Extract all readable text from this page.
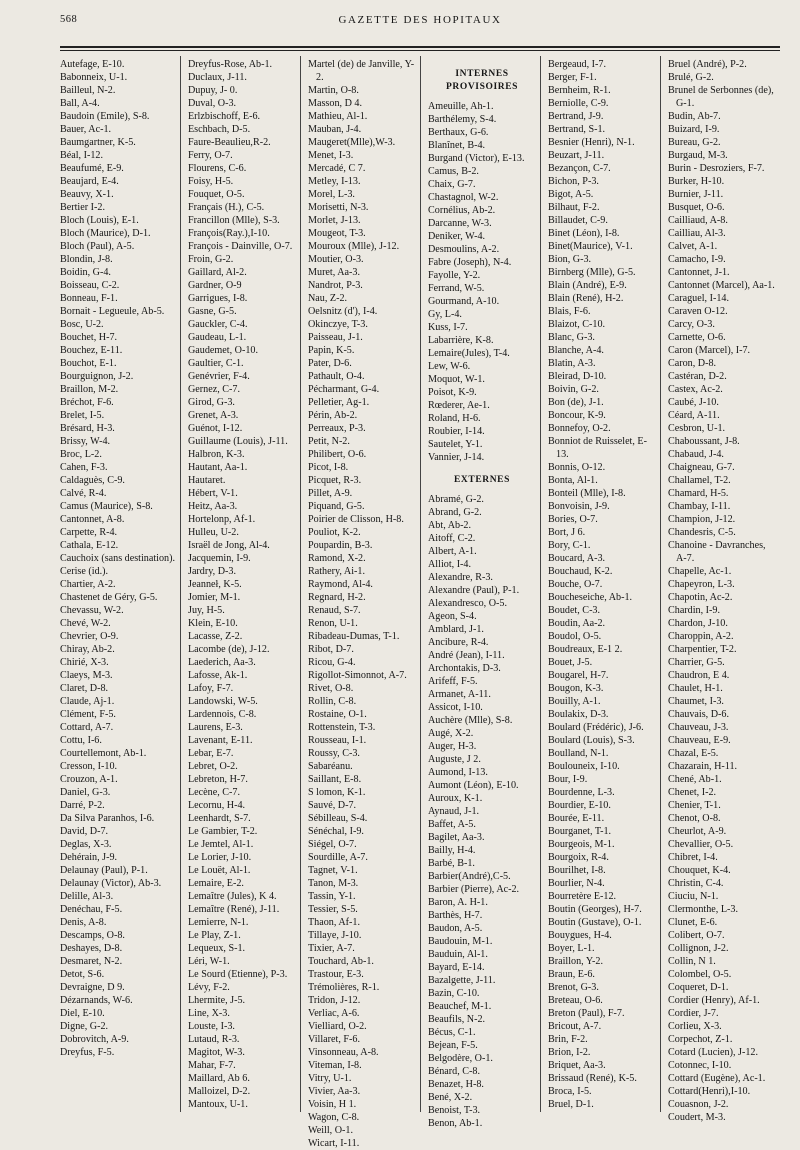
568	GAZETTE DES HOPITAUX

Autefage, E-10.

Babonneix, U-1.

Bailleul, N-2.

Ball, A-4.

Baudoin (Emile), S-8.

Bauer, Ac-1.

Baumgartner, K-5.

Béal, I-12.

Beaufumé, E-9.

Beaujard, E-4.

Beauvy, X-1.

Bertier I-2.

Bloch (Louis), E-1.

Bloch (Maurice), D-1.

Bloch (Paul), A-5.

Blondin, J-8.

Boidin, G-4.

Boisseau, C-2.

Bonneau, F-1.

Bornait - Legueule, Ab-5.

Bosc, U-2.

Bouchet, H-7.

Bouchez, E-11.

Bouchot, E-1.

Bourguignon, J-2.

Braillon, M-2.

Bréchot, F-6.

Brelet, I-5.

Brésard, H-3.

Brissy, W-4.

Broc, L-2.

Cahen, F-3.

Caldaguès, C-9.

Calvé, R-4.

Camus (Maurice), S-8.

Cantonnet, A-8.

Carpette, R-4.

Cathala, E-12.

Cauchoix (sans destination).

Cerise (id.).

Chartier, A-2.

Chastenet de Géry, G-5.

Chevassu, W-2.

Chevé, W-2.

Chevrier, O-9.

Chiray, Ab-2.

Chirié, X-3.

Claeys, M-3.

Claret, D-8.

Claude, Aj-1.

Clément, F-5.

Cottard, A-7.

Cottu, I-6.

Courtellemont, Ab-1.

Cresson, I-10.

Crouzon, A-1.

Daniel, G-3.

Darré, P-2.

Da Silva Paranhos, I-6.

David, D-7.

Deglas, X-3.

Dehérain, J-9.

Delaunay (Paul), P-1.

Delaunay (Victor), Ab-3.

Delille, Al-3.

Denéchau, F-5.

Denis, A-8.

Descamps, O-8.

Deshayes, D-8.

Desmaret, N-2.

Detot, S-6.

Devraigne, D 9.

Dézarnands, W-6.

Diel, E-10.

Digne, G-2.

Dobrovitch, A-9.

Dreyfus, F-5.

Dreyfus-Rose, Ab-1.

Duclaux, J-11.

Dupuy, J- 0.

Duval, O-3.

Erlzbischoff, E-6.

Eschbach, D-5.

Faure-Beaulieu,R-2.

Ferry, O-7.

Flourens, C-6.

Foisy, H-5.

Fouquet, O-5.

Français (H.), C-5.

Francillon (Mlle), S-3.

François(Ray.),I-10.

François - Dainville, O-7.

Froin, G-2.

Gaillard, Al-2.

Gardner, O-9

Garrigues, I-8.

Gasne, G-5.

Gauckler, C-4.

Gaudeau, L-1.

Gaudemet, O-10.

Gaultier, C-1.

Genévrier, F-4.

Gernez, C-7.

Girod, G-3.

Grenet, A-3.

Guénot, I-12.

Guillaume (Louis), J-11.

Halbron, K-3.

Hautant, Aa-1.

Hautaret.

Hébert, V-1.

Heitz, Aa-3.

Hortelonp, Af-1.

Hulleu, U-2.

Israël de Jong, Al-4.

Jacquemin, I-9.

Jardry, D-3.

Jeanneł, K-5.

Jomier, M-1.

Juy, H-5.

Klein, E-10.

Lacasse, Z-2.

Lacombe (de), J-12.

Laederich, Aa-3.

Lafosse, Ak-1.

Lafoy, F-7.

Landowski, W-5.

Lardennois, C-8.

Laurens, E-3.

Lavenant, E-11.

Lebar, E-7.

Lebret, O-2.

Lebreton, H-7.

Lecène, C-7.

Lecornu, H-4.

Leenhardt, S-7.

Le Gambier, T-2.

Le Jemtel, Al-1.

Le Lorier, J-10.

Le Louët, Al-1.

Lemaire, E-2.

Lemaître (Jules), K 4.

Lemaître (René), J-11.

Lemierre, N-1.

Le Play, Z-1.

Lequeux, S-1.

Léri, W-1.

Le Sourd (Etienne), P-3.

Lévy, F-2.

Lhermite, J-5.

Line, X-3.

Louste, I-3.

Lutaud, R-3.

Magitot, W-3.

Mahar, F-7.

Maillard, Ab 6.

Malloizel, D-2.

Mantoux, U-1.

Martel (de) de Janville, Y-2.

Martin, O-8.

Masson, D 4.

Mathieu, Al-1.

Mauban, J-4.

Maugeret(Mlle),W-3.

Menet, I-3.

Mercadé, C 7.

Metley, I-13.

Morel, L-3.

Morisetti, N-3.

Morlet, J-13.

Mougeot, T-3.

Mouroux (Mlle), J-12.

Moutier, O-3.

Muret, Aa-3.

Nandrot, P-3.

Nau, Z-2.

Oelsnitz (d'), I-4.

Okinczye, T-3.

Paisseau, J-1.

Papin, K-5.

Pater, D-6.

Pathault, O-4.

Pécharmant, G-4.

Pelletier, Ag-1.

Périn, Ab-2.

Perreaux, P-3.

Petit, N-2.

Philibert, O-6.

Picot, I-8.

Picquet, R-3.

Pillet, A-9.

Piquand, G-5.

Poirier de Clisson, H-8.

Pouliot, K-2.

Poupardin, B-3.

Ramond, X-2.

Rathery, Ai-1.

Raymond, Al-4.

Regnard, H-2.

Renaud, S-7.

Renon, U-1.

Ribadeau-Dumas, T-1.

Ribot, D-7.

Ricou, G-4.

Rigollot-Simonnot, A-7.

Rivet, O-8.

Rollin, C-8.

Rostaine, O-1.

Rottenstein, T-3.

Rousseau, I-1.

Roussy, C-3.

Sabaréanu.

Saillant, E-8.

S lomon, K-1.

Sauvé, D-7.

Sébilleau, S-4.

Sénéchal, I-9.

Siégel, O-7.

Sourdille, A-7.

Tagnet, V-1.

Tanon, M-3.

Tassin, Y-1.

Tessier, S-5.

Thaon, Af-1.

Tillaye, J-10.

Tixier, A-7.

Touchard, Ab-1.

Trastour, E-3.

Trémolières, R-1.

Tridon, J-12.

Verliac, A-6.

Vielliard, O-2.

Villaret, F-6.

Vinsonneau, A-8.

Viteman, I-8.

Vitry, U-1.

Vivier, Aa-3.

Voisin, H 1.

Wagon, C-8.

Weill, O-1.

Wicart, I-11.

INTERNES PROVISOIRES

Ameuille, Ah-1.

Barthélemy, S-4.

Berthaux, G-6.

Blanînet, B-4.

Burgand (Victor), E-13.

Camus, B-2.

Chaix, G-7.

Chastagnol, W-2.

Cornélius, Ab-2.

Darcanne, W-3.

Deniker, W-4.

Desmoulins, A-2.

Fabre (Joseph), N-4.

Fayolle, Y-2.

Ferrand, W-5.

Gourmand, A-10.

Gy, L-4.

Kuss, I-7.

Labarrière, K-8.

Lemaire(Jules), T-4.

Lew, W-6.

Moquot, W-1.

Poisot, K-9.

Rœderer, Ae-1.

Roland, H-6.

Roubier, I-14.

Sautelet, Y-1.

Vannier, J-14.

EXTERNES

Abramé, G-2.

Abrand, G-2.

Abt, Ab-2.

Aitoff, C-2.

Albert, A-1.

Alliot, I-4.

Alexandre, R-3.

Alexandre (Paul), P-1.

Alexandresco, O-5.

Ageon, S-4.

Amblard, J-1.

Ancibure, R-4.

André (Jean), I-11.

Archontakis, D-3.

Arifeff, F-5.

Armanet, A-11.

Assicot, I-10.

Auchère (Mlle), S-8.

Augé, X-2.

Auger, H-3.

Auguste, J 2.

Aumond, I-13.

Aumont (Léon), E-10.

Auroux, K-1.

Aynaud, J-1.

Baffet, A-5.

Bagilet, Aa-3.

Bailly, H-4.

Barbé, B-1.

Barbier(André),C-5.

Barbier (Pierre), Ac-2.

Baron, A. H-1.

Barthès, H-7.

Baudon, A-5.

Baudouin, M-1.

Bauduin, Al-1.

Bayard, E-14.

Bazalgette, J-11.

Bazin, C-10.

Beauchef, M-1.

Beaufils, N-2.

Bécus, C-1.

Bejean, F-5.

Belgodère, O-1.

Bénard, C-8.

Benazet, H-8.

Bené, X-2.

Benoist, T-3.

Benon, Ab-1.

Bergeaud, I-7.

Berger, F-1.

Bernheim, R-1.

Berniolle, C-9.

Bertrand, J-9.

Bertrand, S-1.

Besnier (Henri), N-1.

Beuzart, J-11.

Bezançon, C-7.

Bichon, P-3.

Bigot, A-5.

Bilhaut, F-2.

Billaudet, C-9.

Binet (Léon), I-8.

Binet(Maurice), V-1.

Bion, G-3.

Birnberg (Mlle), G-5.

Blain (André), E-9.

Blain (René), H-2.

Blais, F-6.

Blaizot, C-10.

Blanc, G-3.

Blanche, A-4.

Blatin, A-3.

Bleirad, D-10.

Boivin, G-2.

Bon (de), J-1.

Boncour, K-9.

Bonnefoy, O-2.

Bonniot de Ruisselet, E-13.

Bonnis, O-12.

Bonta, Al-1.

Bonteil (Mlle), I-8.

Bonvoisin, J-9.

Bories, O-7.

Bort, J 6.

Bory, C-1.

Boucard, A-3.

Bouchaud, K-2.

Bouche, O-7.

Boucheseiche, Ab-1.

Boudet, C-3.

Boudin, Aa-2.

Boudol, O-5.

Boudreaux, E-1 2.

Bouet, J-5.

Bougarel, H-7.

Bougon, K-3.

Bouilly, A-1.

Boulakix, D-3.

Boulard (Frédéric), J-6.

Boulard (Louis), S-3.

Boulland, N-1.

Boulouneix, I-10.

Bour, I-9.

Bourdenne, L-3.

Bourdier, E-10.

Bourée, E-11.

Bourganet, T-1.

Bourgeois, M-1.

Bourgoix, R-4.

Bourilhet, I-8.

Bourlier, N-4.

Bourretère E-12.

Boutin (Georges), H-7.

Boutin (Gustave), O-1.

Bouygues, H-4.

Boyer, L-1.

Braillon, Y-2.

Braun, E-6.

Brenot, G-3.

Breteau, O-6.

Breton (Paul), F-7.

Bricout, A-7.

Brin, F-2.

Brion, I-2.

Briquet, Aa-3.

Brissaud (René), K-5.

Broca, I-5.

Bruel, D-1.

Bruel (André), P-2.

Brulé, G-2.

Brunel de Serbonnes (de), G-1.

Budin, Ab-7.

Buizard, I-9.

Bureau, G-2.

Burgaud, M-3.

Burin - Desroziers, F-7.

Burker, H-10.

Burnier, J-11.

Busquet, O-6.

Cailliaud, A-8.

Cailliau, Al-3.

Calvet, A-1.

Camacho, I-9.

Cantonnet, J-1.

Cantonnet (Marcel), Aa-1.

Caraguel, I-14.

Caraven O-12.

Carcy, O-3.

Carnette, O-6.

Caron (Marcel), I-7.

Caron, D-8.

Castéran, D-2.

Castex, Ac-2.

Caubé, J-10.

Céard, A-11.

Cesbron, U-1.

Chaboussant, J-8.

Chabaud, J-4.

Chaigneau, G-7.

Challamel, T-2.

Chamard, H-5.

Chambay, I-11.

Champion, J-12.

Chandesris, C-5.

Chanoine - Davranches, A-7.

Chapelle, Ac-1.

Chapeyron, L-3.

Chapotin, Ac-2.

Chardin, I-9.

Chardon, J-10.

Charoppin, A-2.

Charpentier, T-2.

Charrier, G-5.

Chaudron, E 4.

Chaulet, H-1.

Chaumet, I-3.

Chauvais, D-6.

Chauveau, J-3.

Chauveau, E-9.

Chazal, E-5.

Chazarain, H-11.

Chené, Ab-1.

Chenet, I-2.

Chenier, T-1.

Chenot, O-8.

Cheurlot, A-9.

Chevallier, O-5.

Chibret, I-4.

Chouquet, K-4.

Christin, C-4.

Ciuciu, N-1.

Clermonthe, L-3.

Clunet, E-6.

Colibert, O-7.

Collignon, J-2.

Collin, N 1.

Colombel, O-5.

Coqueret, D-1.

Cordier (Henry), Af-1.

Cordier, J-7.

Corlieu, X-3.

Corpechot, Z-1.

Cotard (Lucien), J-12.

Cotonnec, I-10.

Cottard (Eugène), Ac-1.

Cottard(Henri),I-10.

Couasnon, J-2.

Coudert, M-3.
